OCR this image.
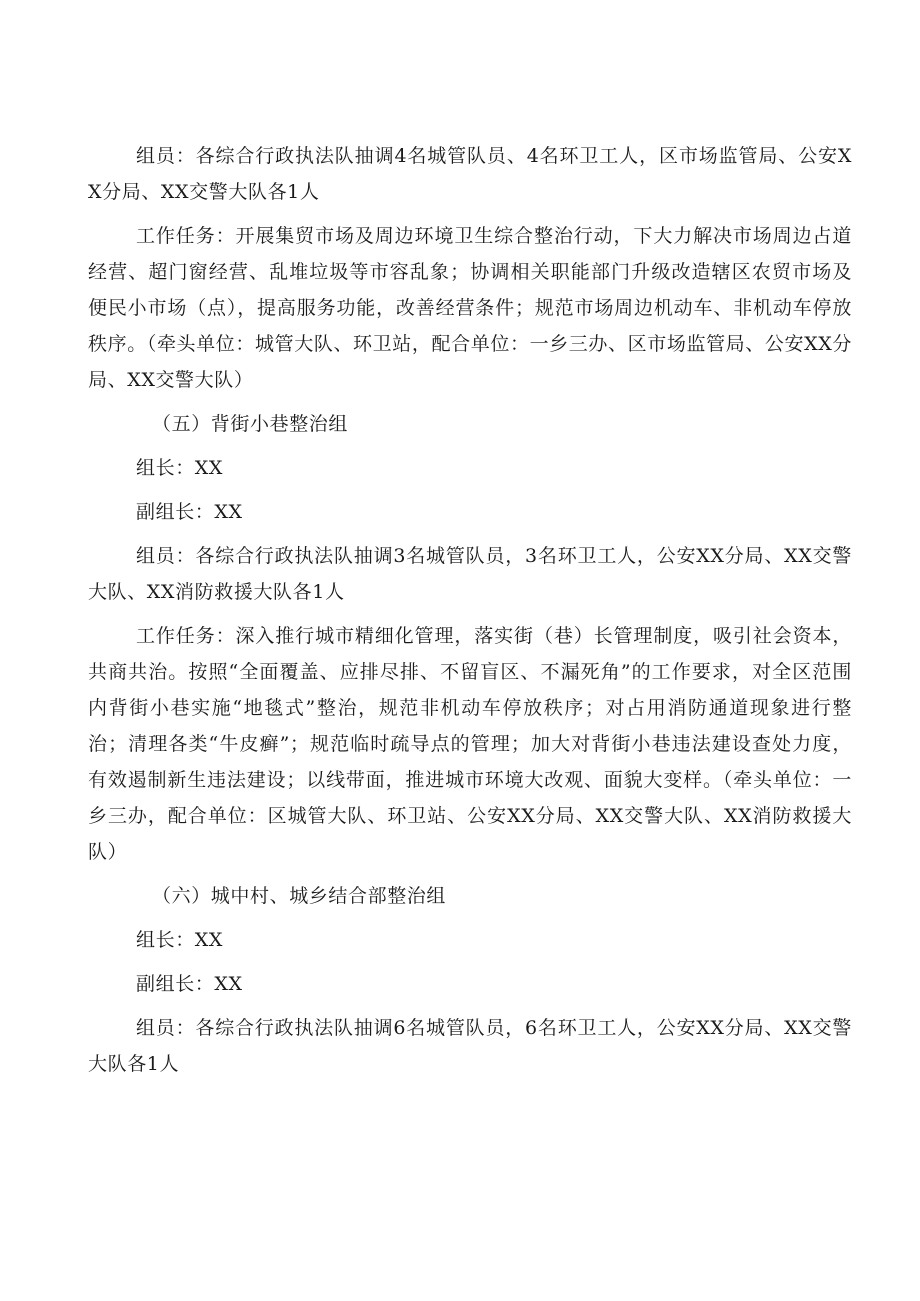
组员：各综合行政执法队抽调4名城管队员、4名环卫工人，区市场监管局、公安XX分局、XX交警大队各1人

工作任务：开展集贸市场及周边环境卫生综合整治行动，下大力解决市场周边占道经营、超门窗经营、乱堆垃圾等市容乱象；协调相关职能部门升级改造辖区农贸市场及便民小市场（点），提高服务功能，改善经营条件；规范市场周边机动车、非机动车停放秩序。（牵头单位：城管大队、环卫站，配合单位：一乡三办、区市场监管局、公安XX分局、XX交警大队）

（五）背街小巷整治组

组长：XX

副组长：XX

组员：各综合行政执法队抽调3名城管队员，3名环卫工人，公安XX分局、XX交警大队、XX消防救援大队各1人

工作任务：深入推行城市精细化管理，落实街（巷）长管理制度，吸引社会资本，共商共治。按照“全面覆盖、应排尽排、不留盲区、不漏死角”的工作要求，对全区范围内背街小巷实施“地毯式”整治，规范非机动车停放秩序；对占用消防通道现象进行整治；清理各类“牛皮癣”；规范临时疏导点的管理；加大对背街小巷违法建设查处力度，有效遏制新生违法建设；以线带面，推进城市环境大改观、面貌大变样。（牵头单位：一乡三办，配合单位：区城管大队、环卫站、公安XX分局、XX交警大队、XX消防救援大队）

（六）城中村、城乡结合部整治组

组长：XX

副组长：XX

组员：各综合行政执法队抽调6名城管队员，6名环卫工人，公安XX分局、XX交警大队各1人
